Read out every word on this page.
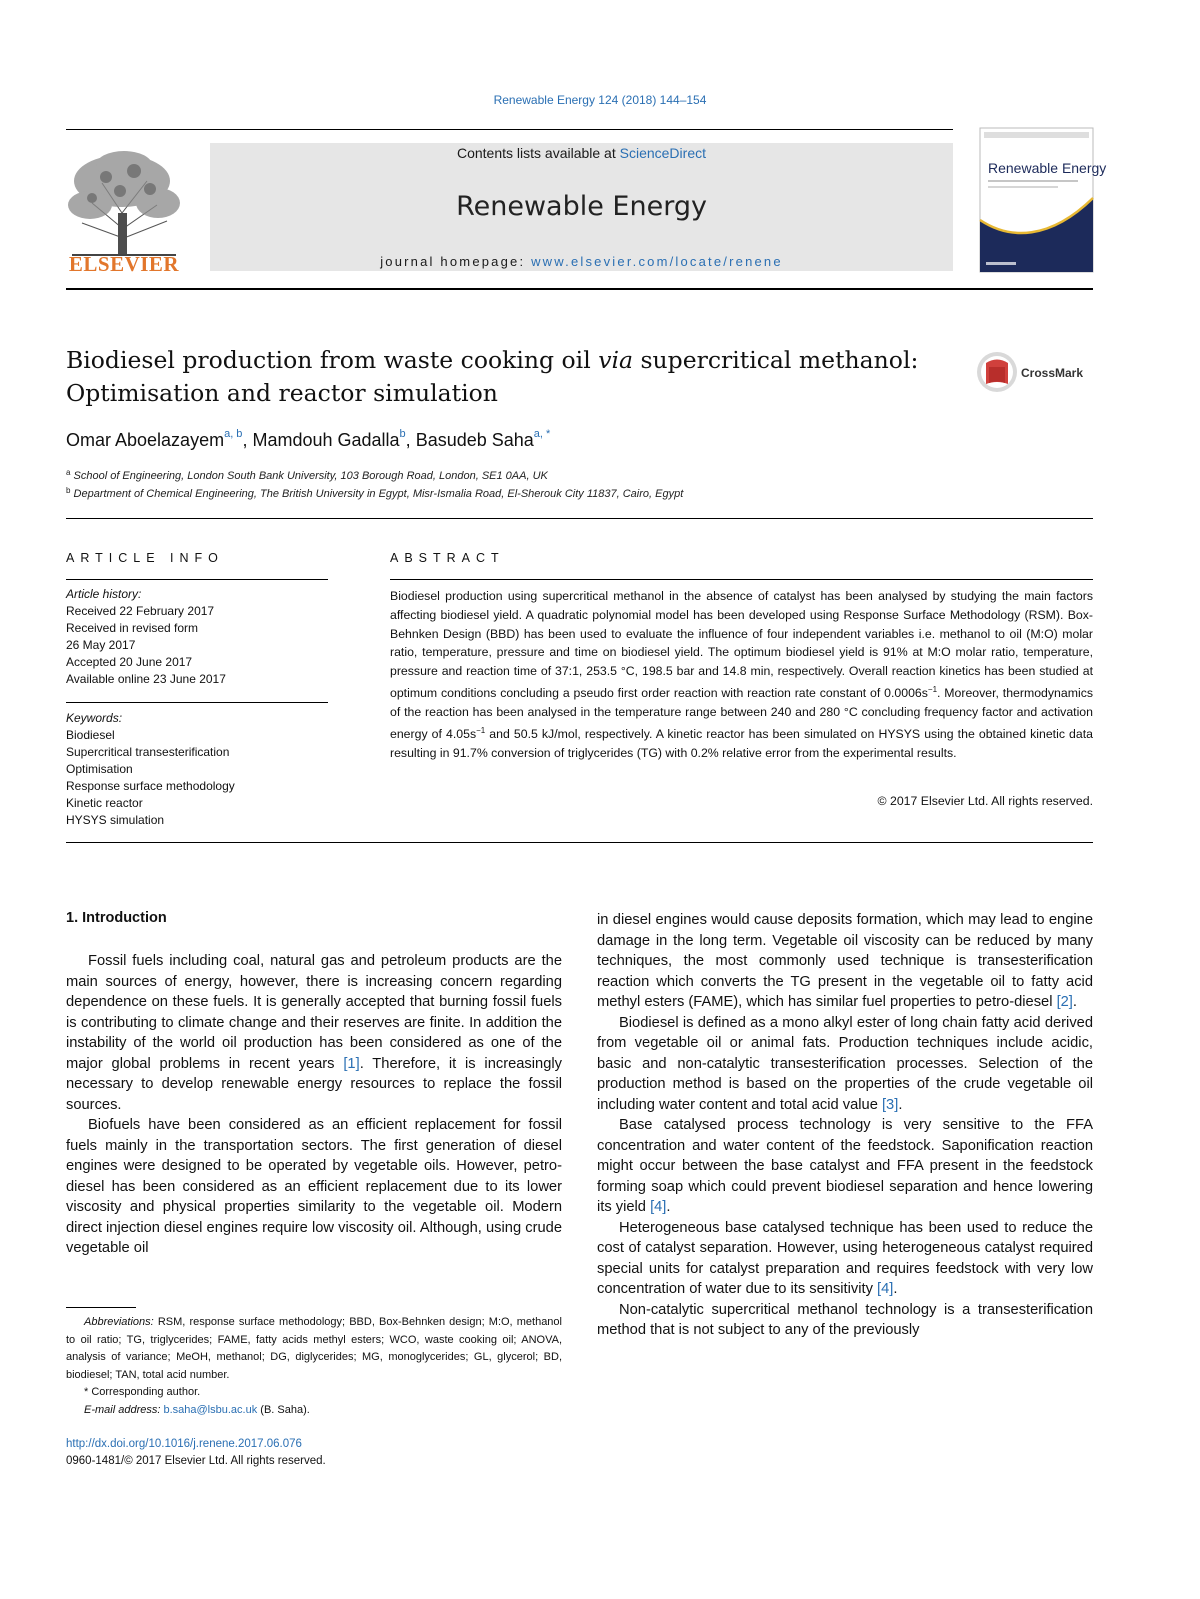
Renewable Energy 124 (2018) 144–154
ELSEVIER
Contents lists available at ScienceDirect
Renewable Energy
journal homepage: www.elsevier.com/locate/renene
Renewable Energy
Biodiesel production from waste cooking oil via supercritical methanol: Optimisation and reactor simulation
CrossMark
Omar Aboelazayem$^{a, b}$, Mamdouh Gadalla$^b$, Basudeb Saha$^{a, *}$
$^a$ School of Engineering, London South Bank University, 103 Borough Road, London, SE1 0AA, UK
$^b$ Department of Chemical Engineering, The British University in Egypt, Misr-Ismalia Road, El-Sherouk City 11837, Cairo, Egypt
ARTICLE INFO
Article history:
Received 22 February 2017
Received in revised form
26 May 2017
Accepted 20 June 2017
Available online 23 June 2017
Keywords:
Biodiesel
Supercritical transesterification
Optimisation
Response surface methodology
Kinetic reactor
HYSYS simulation
ABSTRACT
Biodiesel production using supercritical methanol in the absence of catalyst has been analysed by studying the main factors affecting biodiesel yield. A quadratic polynomial model has been developed using Response Surface Methodology (RSM). Box-Behnken Design (BBD) has been used to evaluate the influence of four independent variables i.e. methanol to oil (M:O) molar ratio, temperature, pressure and time on biodiesel yield. The optimum biodiesel yield is 91% at M:O molar ratio, temperature, pressure and reaction time of 37:1, 253.5 °C, 198.5 bar and 14.8 min, respectively. Overall reaction kinetics has been studied at optimum conditions concluding a pseudo first order reaction with reaction rate constant of $0.0006s^{-1}$. Moreover, thermodynamics of the reaction has been analysed in the temperature range between 240 and 280 °C concluding frequency factor and activation energy of $4.05s^{-1}$ and 50.5 kJ/mol, respectively. A kinetic reactor has been simulated on HYSYS using the obtained kinetic data resulting in 91.7% conversion of triglycerides (TG) with 0.2% relative error from the experimental results.
© 2017 Elsevier Ltd. All rights reserved.
1. Introduction

Fossil fuels including coal, natural gas and petroleum products are the main sources of energy, however, there is increasing concern regarding dependence on these fuels. It is generally accepted that burning fossil fuels is contributing to climate change and their reserves are finite. In addition the instability of the world oil production has been considered as one of the major global problems in recent years [1]. Therefore, it is increasingly necessary to develop renewable energy resources to replace the fossil sources.

Biofuels have been considered as an efficient replacement for fossil fuels mainly in the transportation sectors. The first generation of diesel engines were designed to be operated by vegetable oils. However, petro-diesel has been considered as an efficient replacement due to its lower viscosity and physical properties similarity to the vegetable oil. Modern direct injection diesel engines require low viscosity oil. Although, using crude vegetable oil

in diesel engines would cause deposits formation, which may lead to engine damage in the long term. Vegetable oil viscosity can be reduced by many techniques, the most commonly used technique is transesterification reaction which converts the TG present in the vegetable oil to fatty acid methyl esters (FAME), which has similar fuel properties to petro-diesel [2].

Biodiesel is defined as a mono alkyl ester of long chain fatty acid derived from vegetable oil or animal fats. Production techniques include acidic, basic and non-catalytic transesterification processes. Selection of the production method is based on the properties of the crude vegetable oil including water content and total acid value [3].

Base catalysed process technology is very sensitive to the FFA concentration and water content of the feedstock. Saponification reaction might occur between the base catalyst and FFA present in the feedstock forming soap which could prevent biodiesel separation and hence lowering its yield [4].

Heterogeneous base catalysed technique has been used to reduce the cost of catalyst separation. However, using heterogeneous catalyst required special units for catalyst preparation and requires feedstock with very low concentration of water due to its sensitivity [4].

Non-catalytic supercritical methanol technology is a transesterification method that is not subject to any of the previously

Abbreviations: RSM, response surface methodology; BBD, Box-Behnken design; M:O, methanol to oil ratio; TG, triglycerides; FAME, fatty acids methyl esters; WCO, waste cooking oil; ANOVA, analysis of variance; MeOH, methanol; DG, diglycerides; MG, monoglycerides; GL, glycerol; BD, biodiesel; TAN, total acid number.

* Corresponding author.

E-mail address: b.saha@lsbu.ac.uk (B. Saha).

http://dx.doi.org/10.1016/j.renene.2017.06.076
0960-1481/© 2017 Elsevier Ltd. All rights reserved.
